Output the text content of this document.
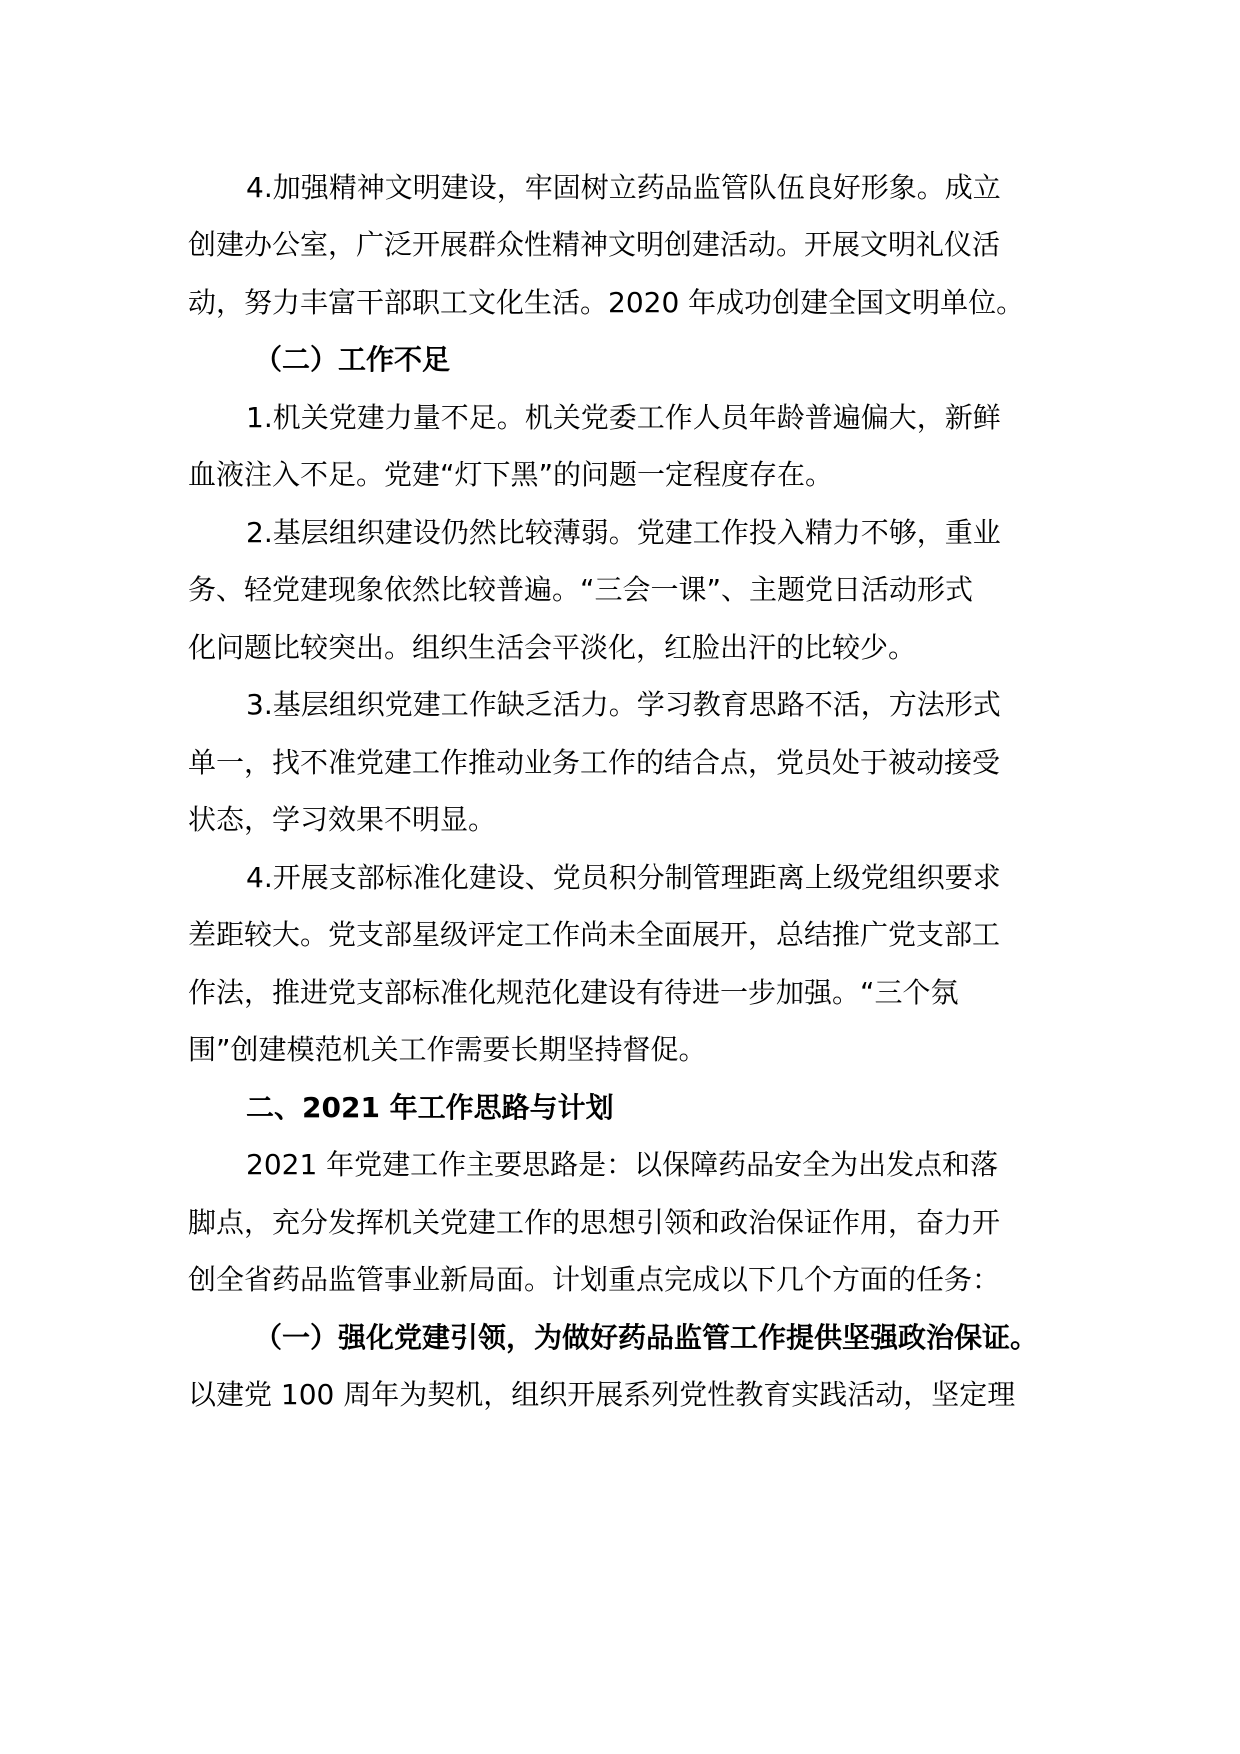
4.加强精神文明建设，牢固树立药品监管队伍良好形象。成立
创建办公室，广泛开展群众性精神文明创建活动。开展文明礼仪活
动，努力丰富干部职工文化生活。2020 年成功创建全国文明单位。
（二）工作不足
1.机关党建力量不足。机关党委工作人员年龄普遍偏大，新鲜
血液注入不足。党建“灯下黑”的问题一定程度存在。
2.基层组织建设仍然比较薄弱。党建工作投入精力不够，重业
务、轻党建现象依然比较普遍。“三会一课”、主题党日活动形式
化问题比较突出。组织生活会平淡化，红脸出汗的比较少。
3.基层组织党建工作缺乏活力。学习教育思路不活，方法形式
单一，找不准党建工作推动业务工作的结合点，党员处于被动接受
状态，学习效果不明显。
4.开展支部标准化建设、党员积分制管理距离上级党组织要求
差距较大。党支部星级评定工作尚未全面展开，总结推广党支部工
作法，推进党支部标准化规范化建设有待进一步加强。“三个氛
围”创建模范机关工作需要长期坚持督促。
二、2021 年工作思路与计划
2021 年党建工作主要思路是：以保障药品安全为出发点和落
脚点，充分发挥机关党建工作的思想引领和政治保证作用，奋力开
创全省药品监管事业新局面。计划重点完成以下几个方面的任务：
（一）强化党建引领，为做好药品监管工作提供坚强政治保证。
以建党 100 周年为契机，组织开展系列党性教育实践活动，坚定理
